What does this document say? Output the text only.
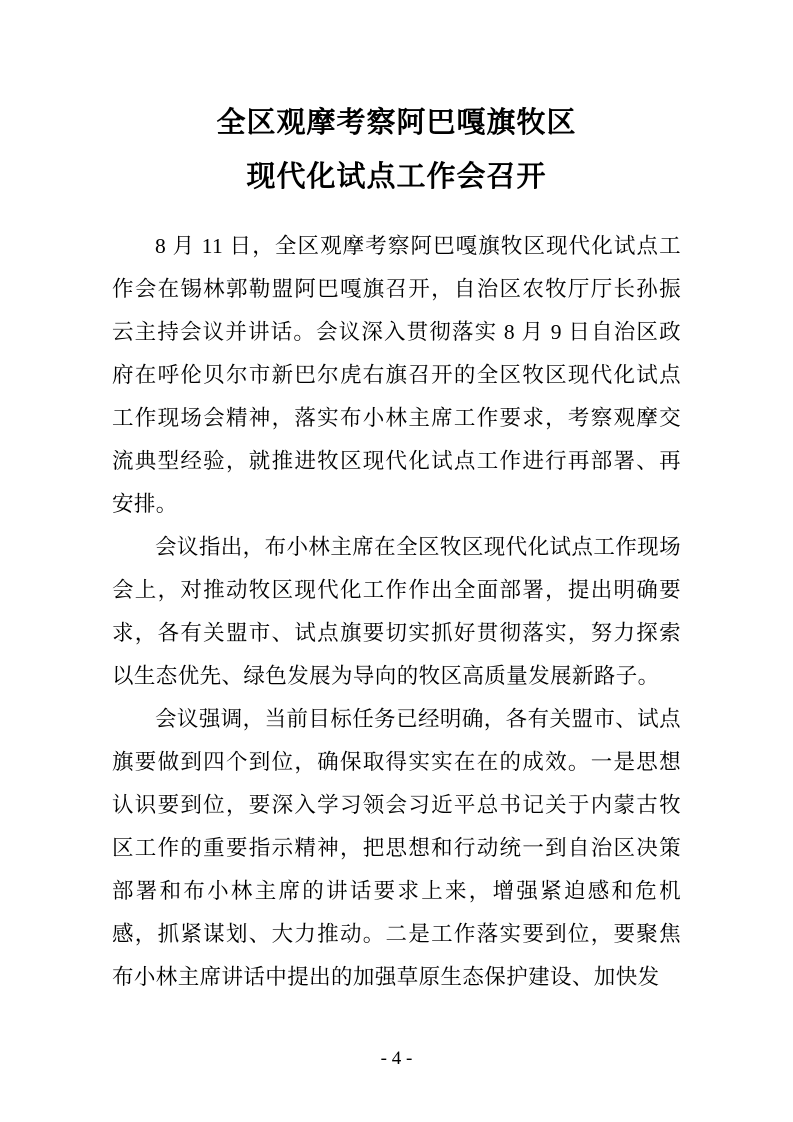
全区观摩考察阿巴嘎旗牧区
现代化试点工作会召开

8 月 11 日，全区观摩考察阿巴嘎旗牧区现代化试点工作会在锡林郭勒盟阿巴嘎旗召开，自治区农牧厅厅长孙振云主持会议并讲话。会议深入贯彻落实 8 月 9 日自治区政府在呼伦贝尔市新巴尔虎右旗召开的全区牧区现代化试点工作现场会精神，落实布小林主席工作要求，考察观摩交流典型经验，就推进牧区现代化试点工作进行再部署、再安排。

会议指出，布小林主席在全区牧区现代化试点工作现场会上，对推动牧区现代化工作作出全面部署，提出明确要求，各有关盟市、试点旗要切实抓好贯彻落实，努力探索以生态优先、绿色发展为导向的牧区高质量发展新路子。

会议强调，当前目标任务已经明确，各有关盟市、试点旗要做到四个到位，确保取得实实在在的成效。一是思想认识要到位，要深入学习领会习近平总书记关于内蒙古牧区工作的重要指示精神，把思想和行动统一到自治区决策部署和布小林主席的讲话要求上来，增强紧迫感和危机感，抓紧谋划、大力推动。二是工作落实要到位，要聚焦布小林主席讲话中提出的加强草原生态保护建设、加快发

- 4 -
